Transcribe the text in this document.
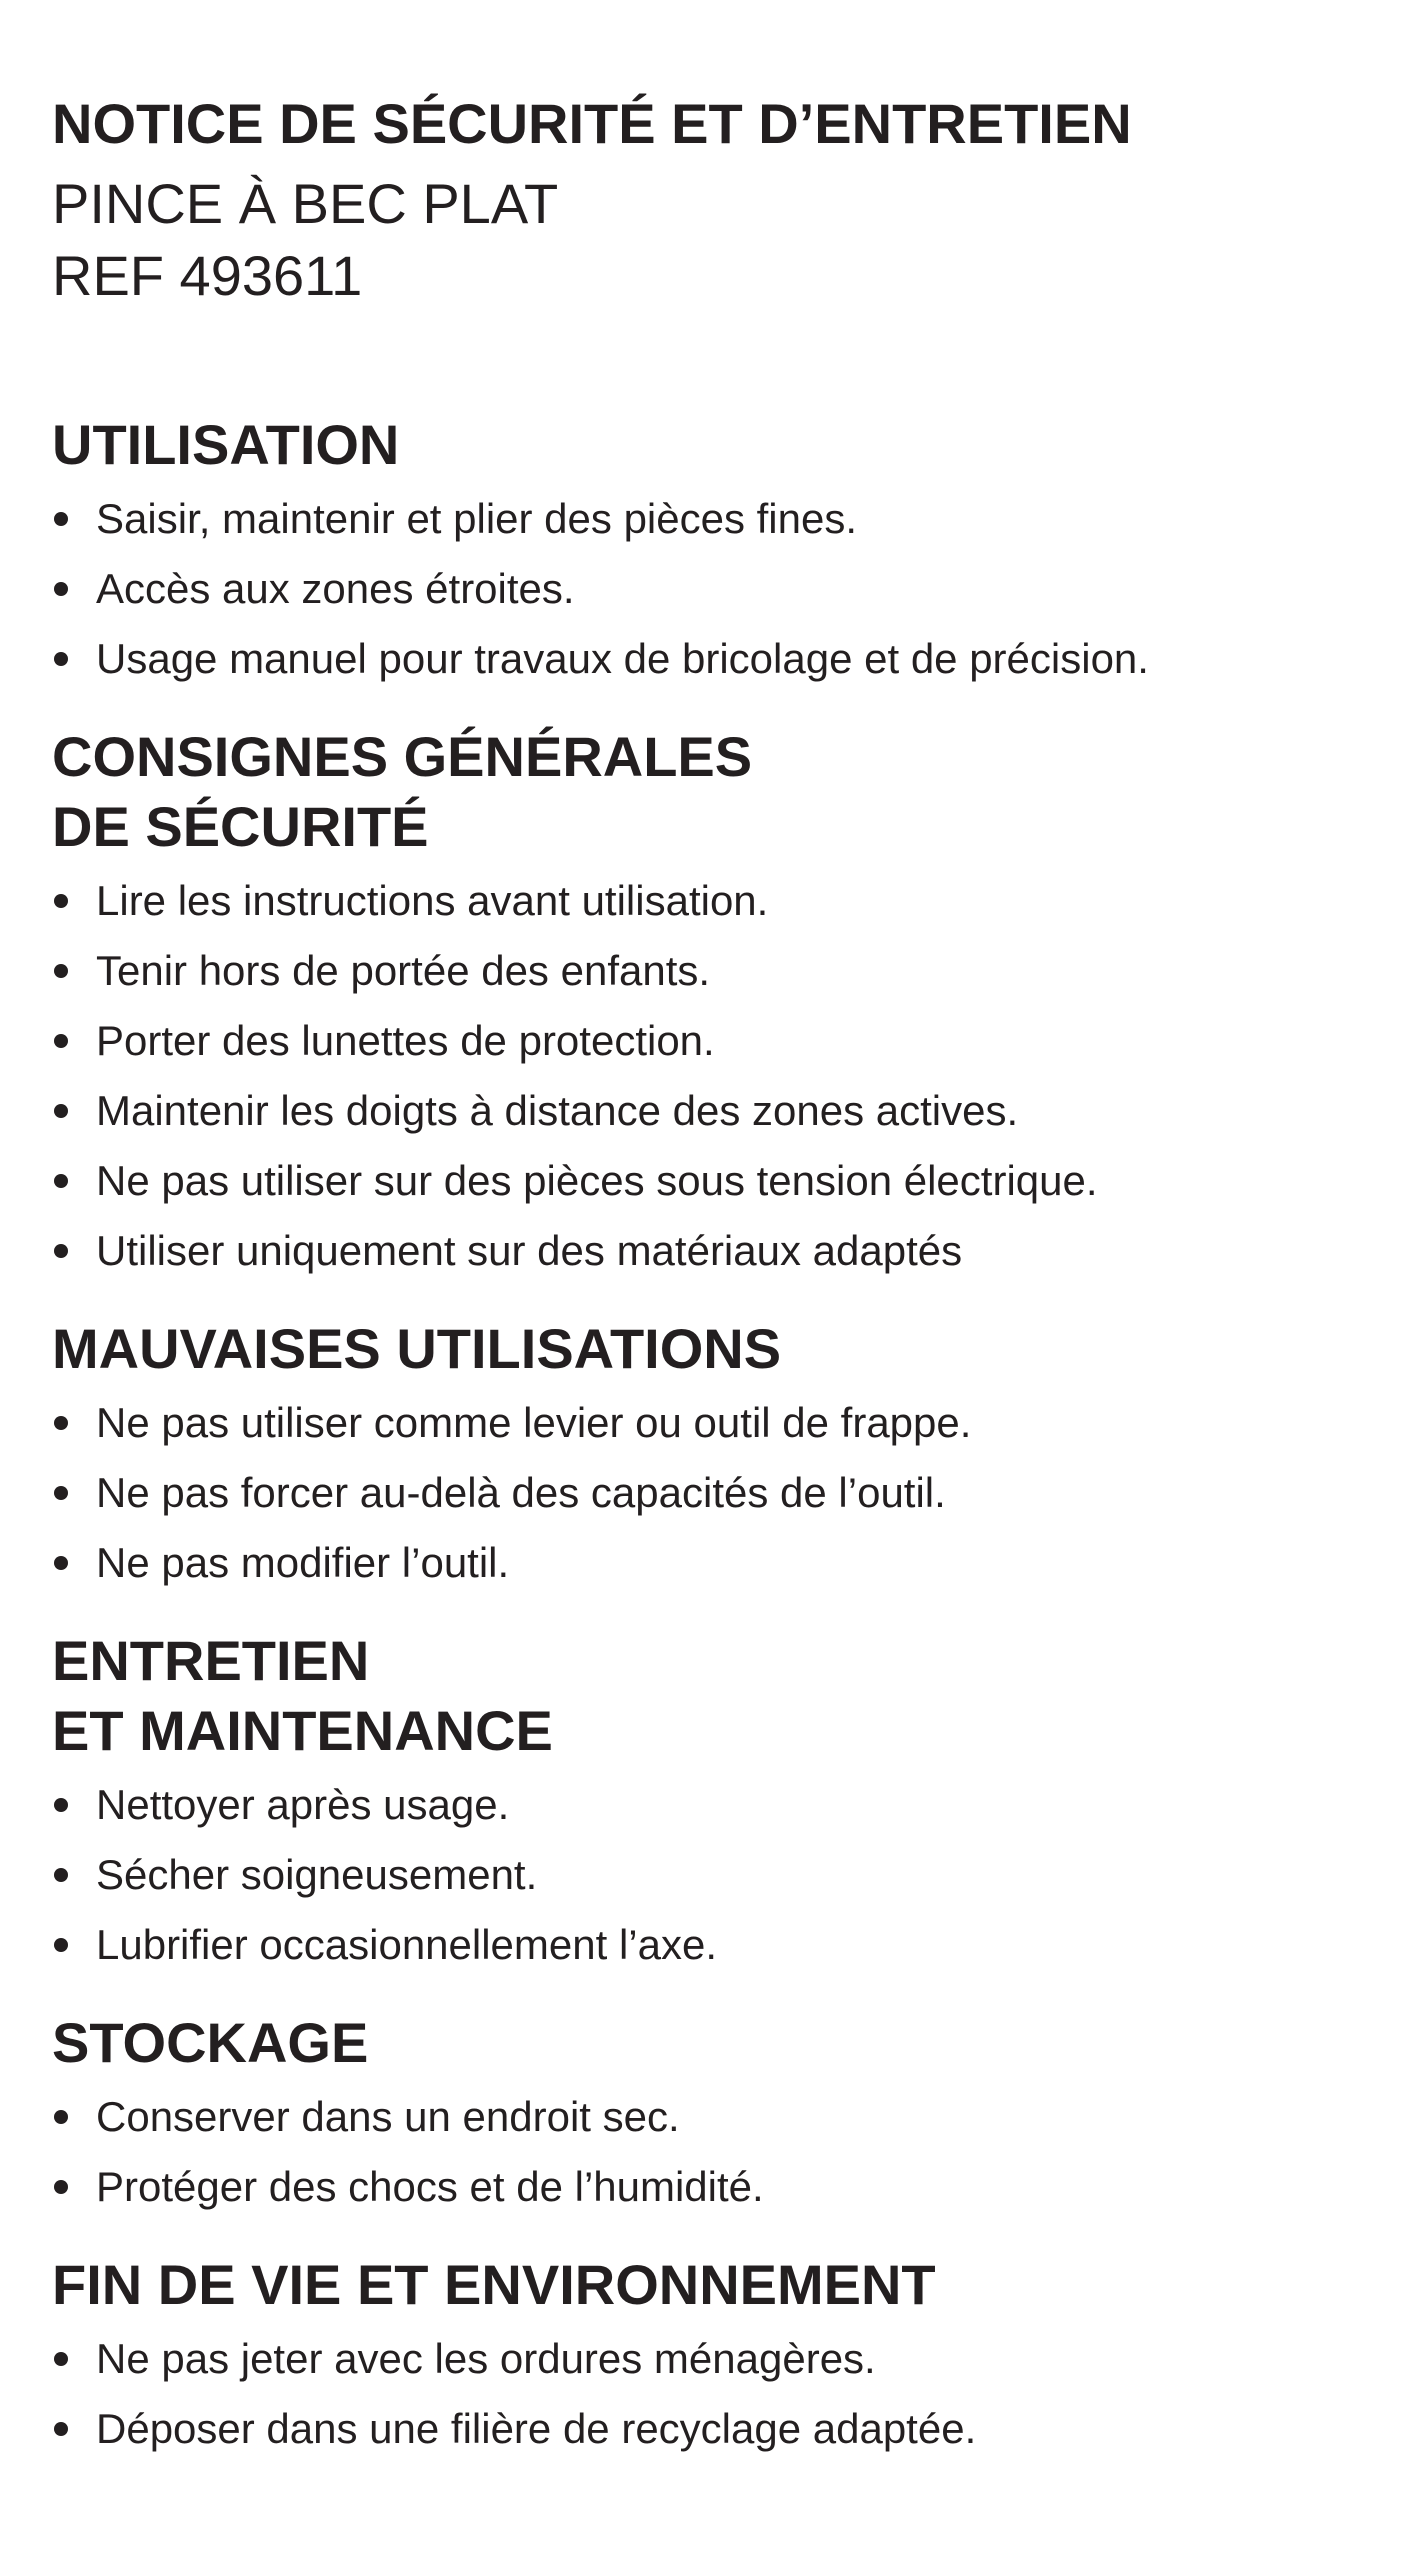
NOTICE DE SÉCURITÉ ET D’ENTRETIEN
PINCE À BEC PLAT
REF 493611
UTILISATION
Saisir, maintenir et plier des pièces fines.
Accès aux zones étroites.
Usage manuel pour travaux de bricolage et de précision.
CONSIGNES GÉNÉRALES
DE SÉCURITÉ
Lire les instructions avant utilisation.
Tenir hors de portée des enfants.
Porter des lunettes de protection.
Maintenir les doigts à distance des zones actives.
Ne pas utiliser sur des pièces sous tension électrique.
Utiliser uniquement sur des matériaux adaptés
MAUVAISES UTILISATIONS
Ne pas utiliser comme levier ou outil de frappe.
Ne pas forcer au-delà des capacités de l’outil.
Ne pas modifier l’outil.
ENTRETIEN
ET MAINTENANCE
Nettoyer après usage.
Sécher soigneusement.
Lubrifier occasionnellement l’axe.
STOCKAGE
Conserver dans un endroit sec.
Protéger des chocs et de l’humidité.
FIN DE VIE ET ENVIRONNEMENT
Ne pas jeter avec les ordures ménagères.
Déposer dans une filière de recyclage adaptée.
